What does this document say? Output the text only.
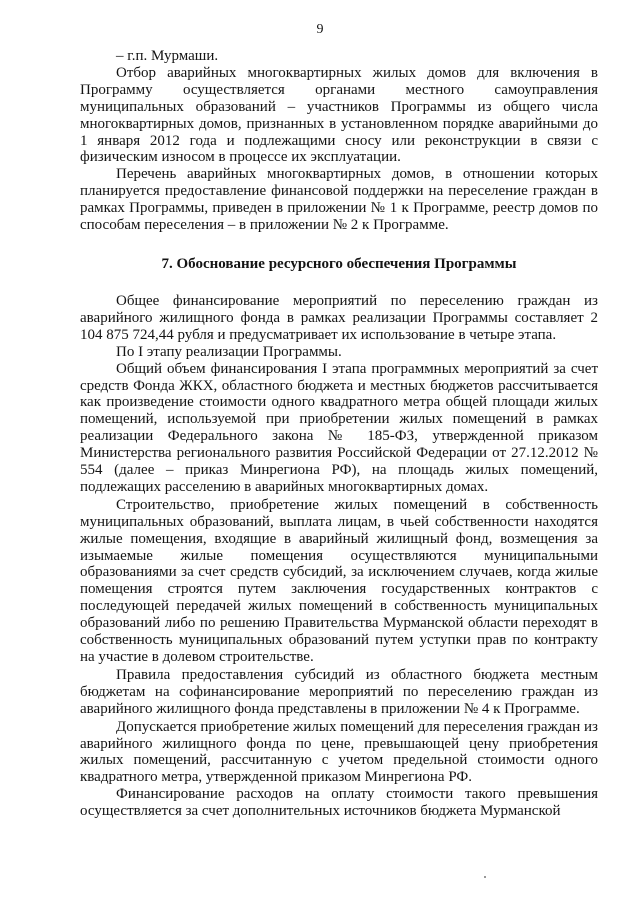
9

– г.п. Мурмаши.

Отбор аварийных многоквартирных жилых домов для включения в Программу осуществляется органами местного самоуправления муниципальных образований – участников Программы из общего числа многоквартирных домов, признанных в установленном порядке аварийными до 1 января 2012 года и подлежащими сносу или реконструкции в связи с физическим износом в процессе их эксплуатации.

Перечень аварийных многоквартирных домов, в отношении которых планируется предоставление финансовой поддержки на переселение граждан в рамках Программы, приведен в приложении № 1 к Программе, реестр домов по способам переселения – в приложении № 2 к Программе.

7. Обоснование ресурсного обеспечения Программы

Общее финансирование мероприятий по переселению граждан из аварийного жилищного фонда в рамках реализации Программы составляет 2 104 875 724,44 рубля и предусматривает их использование в четыре этапа.

По I этапу реализации Программы.

Общий объем финансирования I этапа программных мероприятий за счет средств Фонда ЖКХ, областного бюджета и местных бюджетов рассчитывается как произведение стоимости одного квадратного метра общей площади жилых помещений, используемой при приобретении жилых помещений в рамках реализации Федерального закона № 185-ФЗ, утвержденной приказом Министерства регионального развития Российской Федерации от 27.12.2012 № 554 (далее – приказ Минрегиона РФ), на площадь жилых помещений, подлежащих расселению в аварийных многоквартирных домах.

Строительство, приобретение жилых помещений в собственность муниципальных образований, выплата лицам, в чьей собственности находятся жилые помещения, входящие в аварийный жилищный фонд, возмещения за изымаемые жилые помещения осуществляются муниципальными образованиями за счет средств субсидий, за исключением случаев, когда жилые помещения строятся путем заключения государственных контрактов с последующей передачей жилых помещений в собственность муниципальных образований либо по решению Правительства Мурманской области переходят в собственность муниципальных образований путем уступки прав по контракту на участие в долевом строительстве.

Правила предоставления субсидий из областного бюджета местным бюджетам на софинансирование мероприятий по переселению граждан из аварийного жилищного фонда представлены в приложении № 4 к Программе.

Допускается приобретение жилых помещений для переселения граждан из аварийного жилищного фонда по цене, превышающей цену приобретения жилых помещений, рассчитанную с учетом предельной стоимости одного квадратного метра, утвержденной приказом Минрегиона РФ.

Финансирование расходов на оплату стоимости такого превышения осуществляется за счет дополнительных источников бюджета Мурманской
